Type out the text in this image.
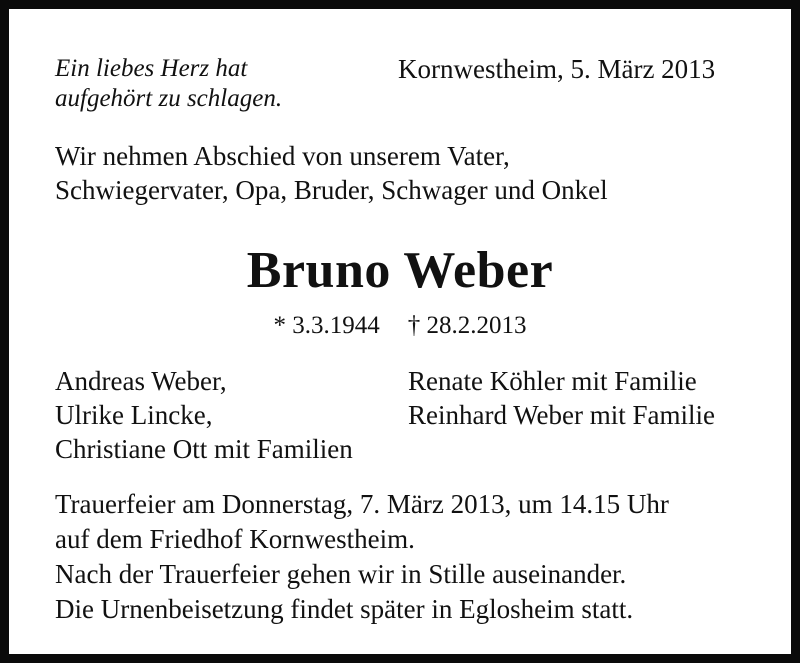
Ein liebes Herz hat
aufgehört zu schlagen.
Kornwestheim, 5. März 2013
Wir nehmen Abschied von unserem Vater,
Schwiegervater, Opa, Bruder, Schwager und Onkel
Bruno Weber
* 3.3.1944 † 28.2.2013
Andreas Weber,
Ulrike Lincke,
Christiane Ott mit Familien
Renate Köhler mit Familie
Reinhard Weber mit Familie
Trauerfeier am Donnerstag, 7. März 2013, um 14.15 Uhr
auf dem Friedhof Kornwestheim.
Nach der Trauerfeier gehen wir in Stille auseinander.
Die Urnenbeisetzung findet später in Eglosheim statt.
